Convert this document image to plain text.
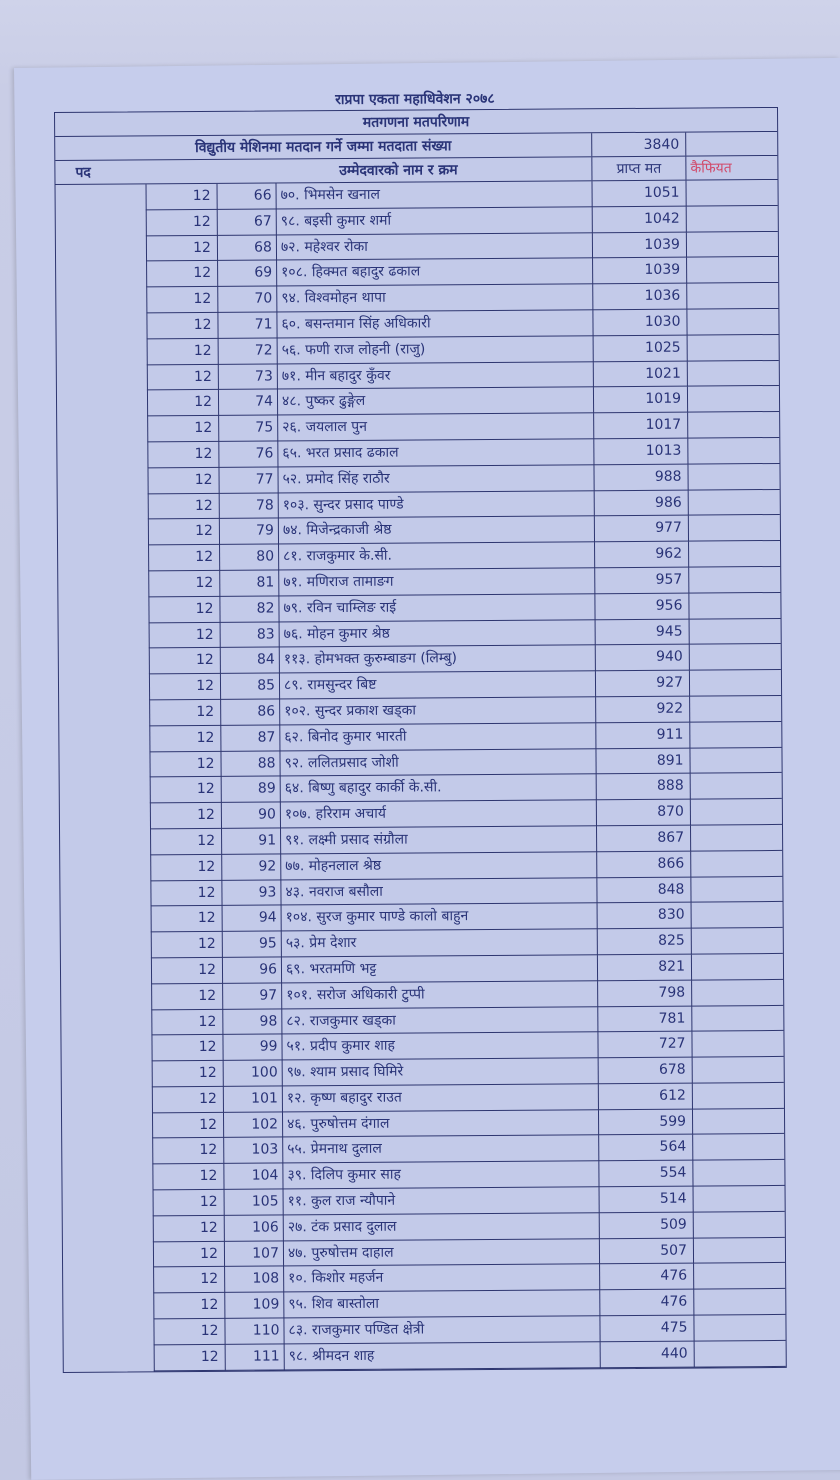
राप्रपा एकता महाधिवेशन २०७८
मतगणना मतपरिणाम
विद्युतीय मेशिनमा मतदान गर्ने जम्मा मतदाता संख्या	3840
पद	उम्मेदवारको नाम र क्रम	प्राप्त मत	कैफियत
12	66 ७०. भिमसेन खनाल	1051
12	67 ९८. बइसी कुमार शर्मा	1042
12	68 ७२. महेश्वर रोका	1039
12	69 १०८. हिक्मत बहादुर ढकाल	1039
12	70 ९४. विश्वमोहन थापा	1036
12	71 ६०. बसन्तमान सिंह अधिकारी	1030
12	72 ५६. फणी राज लोहनी (राजु)	1025
12	73 ७१. मीन बहादुर कुँवर	1021
12	74 ४८. पुष्कर ढुङ्गेल	1019
12	75 २६. जयलाल पुन	1017
12	76 ६५. भरत प्रसाद ढकाल	1013
12	77 ५२. प्रमोद सिंह राठौर	988
12	78 १०३. सुन्दर प्रसाद पाण्डे	986
12	79 ७४. मिजेन्द्रकाजी श्रेष्ठ	977
12	80 ८१. राजकुमार के.सी.	962
12	81 ७१. मणिराज तामाङग	957
12	82 ७९. रविन चाम्लिङ राई	956
12	83 ७६. मोहन कुमार श्रेष्ठ	945
12	84 ११३. होमभक्त कुरुम्बाङग (लिम्बु)	940
12	85 ८९. रामसुन्दर बिष्ट	927
12	86 १०२. सुन्दर प्रकाश खड्का	922
12	87 ६२. बिनोद कुमार भारती	911
12	88 ९२. ललितप्रसाद जोशी	891
12	89 ६४. बिष्णु बहादुर कार्की के.सी.	888
12	90 १०७. हरिराम अचार्य	870
12	91 ९१. लक्ष्मी प्रसाद संग्रौला	867
12	92 ७७. मोहनलाल श्रेष्ठ	866
12	93 ४३. नवराज बसौला	848
12	94 १०४. सुरज कुमार पाण्डे कालो बाहुन	830
12	95 ५३. प्रेम देशार	825
12	96 ६९. भरतमणि भट्ट	821
12	97 १०१. सरोज अधिकारी टुप्पी	798
12	98 ८२. राजकुमार खड्का	781
12	99 ५१. प्रदीप कुमार शाह	727
12	100 ९७. श्याम प्रसाद घिमिरे	678
12	101 १२. कृष्ण बहादुर राउत	612
12	102 ४६. पुरुषोत्तम दंगाल	599
12	103 ५५. प्रेमनाथ दुलाल	564
12	104 ३९. दिलिप कुमार साह	554
12	105 ११. कुल राज न्यौपाने	514
12	106 २७. टंक प्रसाद दुलाल	509
12	107 ४७. पुरुषोत्तम दाहाल	507
12	108 १०. किशोर महर्जन	476
12	109 ९५. शिव बास्तोला	476
12	110 ८३. राजकुमार पण्डित क्षेत्री	475
12	111 ९८. श्रीमदन शाह	440
